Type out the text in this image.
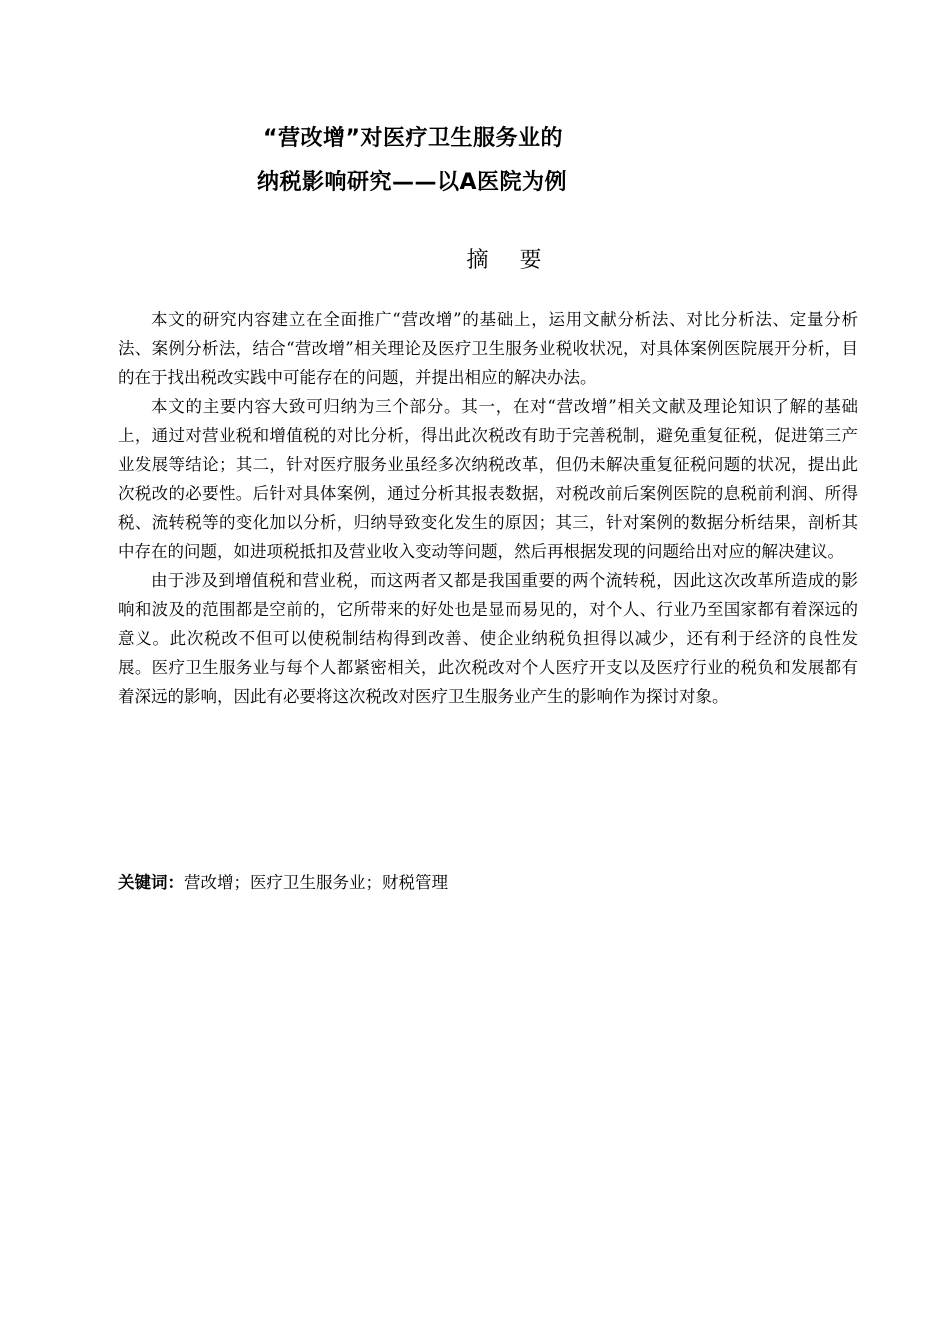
“营改增”对医疗卫生服务业的
纳税影响研究——以A医院为例
摘 要

本文的研究内容建立在全面推广“营改增”的基础上，运用文献分析法、对比分析法、定量分析法、案例分析法，结合“营改增”相关理论及医疗卫生服务业税收状况，对具体案例医院展开分析，目的在于找出税改实践中可能存在的问题，并提出相应的解决办法。

本文的主要内容大致可归纳为三个部分。其一，在对“营改增”相关文献及理论知识了解的基础上，通过对营业税和增值税的对比分析，得出此次税改有助于完善税制，避免重复征税，促进第三产业发展等结论；其二，针对医疗服务业虽经多次纳税改革，但仍未解决重复征税问题的状况，提出此次税改的必要性。后针对具体案例，通过分析其报表数据，对税改前后案例医院的息税前利润、所得税、流转税等的变化加以分析，归纳导致变化发生的原因；其三，针对案例的数据分析结果，剖析其中存在的问题，如进项税抵扣及营业收入变动等问题，然后再根据发现的问题给出对应的解决建议。

由于涉及到增值税和营业税，而这两者又都是我国重要的两个流转税，因此这次改革所造成的影响和波及的范围都是空前的，它所带来的好处也是显而易见的，对个人、行业乃至国家都有着深远的意义。此次税改不但可以使税制结构得到改善、使企业纳税负担得以减少，还有利于经济的良性发展。医疗卫生服务业与每个人都紧密相关，此次税改对个人医疗开支以及医疗行业的税负和发展都有着深远的影响，因此有必要将这次税改对医疗卫生服务业产生的影响作为探讨对象。

关键词：营改增；医疗卫生服务业；财税管理
